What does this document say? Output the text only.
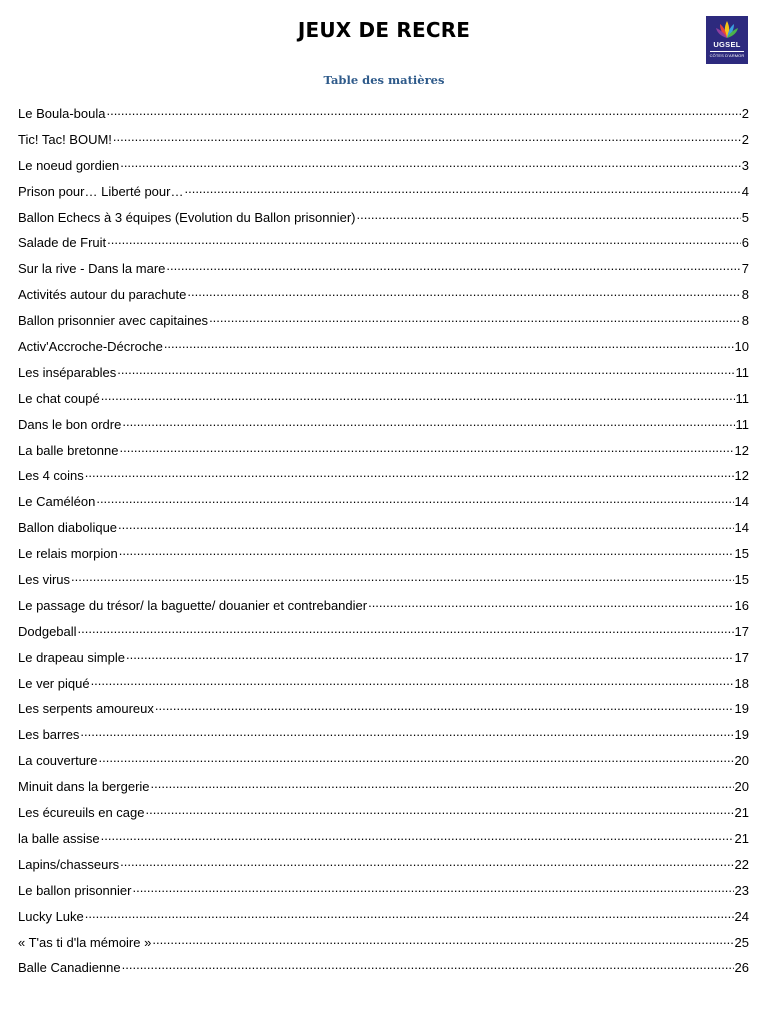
JEUX DE RECRE
UGSEL
CÔTES D'ARMOR
Table des matières
Le Boula-boula .....	2
Tic! Tac! BOUM! .....	2
Le noeud gordien .....	3
Prison pour… Liberté pour… .....	4
Ballon Echecs à 3 équipes (Evolution du Ballon prisonnier) .....	5
Salade de Fruit .....	6
Sur la rive - Dans la mare .....	7
Activités autour du parachute .....	8
Ballon prisonnier avec capitaines .....	8
Activ'Accroche-Décroche .....	10
Les inséparables .....	11
Le chat coupé .....	11
Dans le bon ordre .....	11
La balle bretonne .....	12
Les 4 coins .....	12
Le Caméléon .....	14
Ballon diabolique .....	14
Le relais morpion .....	15
Les virus .....	15
Le passage du trésor/ la baguette/ douanier et contrebandier .....	16
Dodgeball .....	17
Le drapeau simple .....	17
Le ver piqué .....	18
Les serpents amoureux .....	19
Les barres .....	19
La couverture .....	20
Minuit dans la bergerie .....	20
Les écureuils en cage .....	21
la balle assise .....	21
Lapins/chasseurs .....	22
Le ballon prisonnier .....	23
Lucky Luke .....	24
« T'as ti d'la mémoire » .....	25
Balle Canadienne .....	26
